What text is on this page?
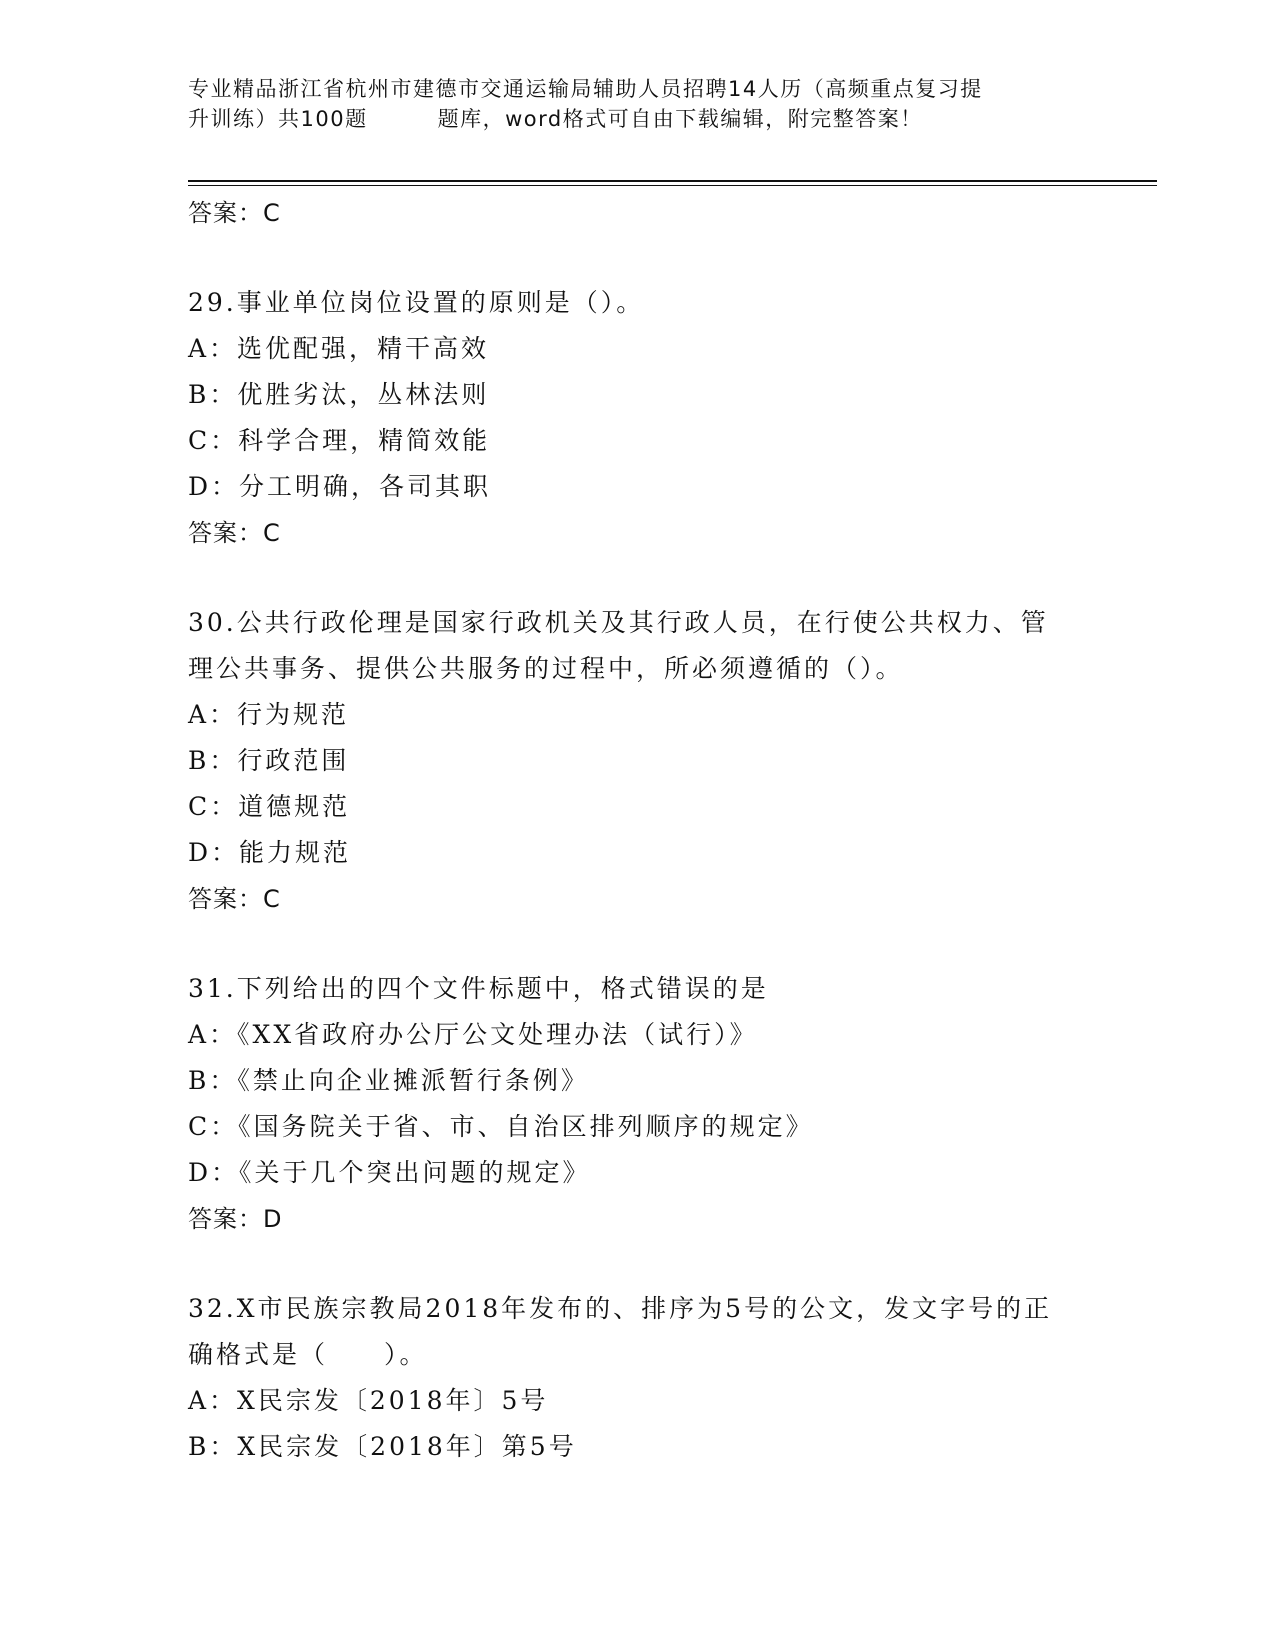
专业精品浙江省杭州市建德市交通运输局辅助人员招聘14人历（高频重点复习提
升训练）共100题	题库，word格式可自由下载编辑，附完整答案！
答案：C
29.事业单位岗位设置的原则是（）。
A：选优配强，精干高效
B：优胜劣汰，丛林法则
C：科学合理，精简效能
D：分工明确，各司其职
答案：C
30.公共行政伦理是国家行政机关及其行政人员，在行使公共权力、管
理公共事务、提供公共服务的过程中，所必须遵循的（）。
A：行为规范
B：行政范围
C：道德规范
D：能力规范
答案：C
31.下列给出的四个文件标题中，格式错误的是
A：《XX省政府办公厅公文处理办法（试行）》
B：《禁止向企业摊派暂行条例》
C：《国务院关于省、市、自治区排列顺序的规定》
D：《关于几个突出问题的规定》
答案：D
32.X市民族宗教局2018年发布的、排序为5号的公文，发文字号的正
确格式是（　　）。
A：X民宗发〔2018年〕5号
B：X民宗发〔2018年〕第5号
